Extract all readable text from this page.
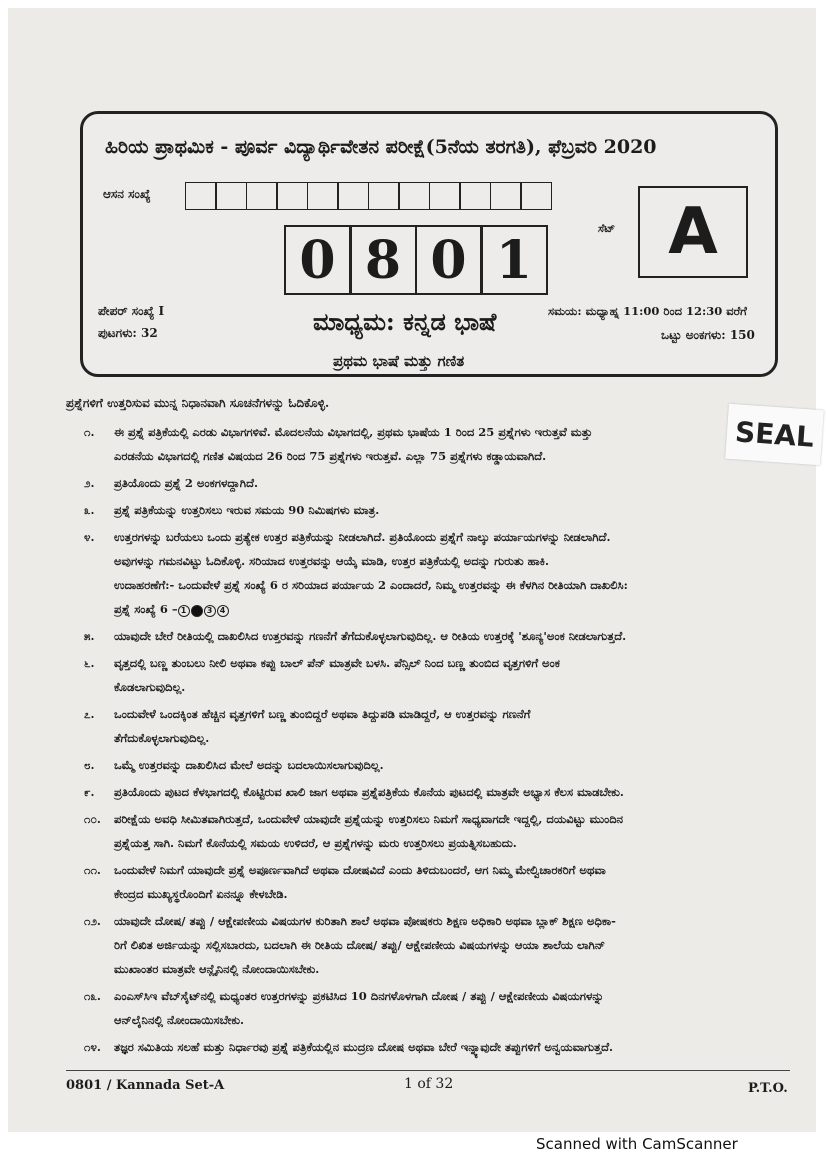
ಹಿರಿಯ ಪ್ರಾಥಮಿಕ - ಪೂರ್ವ ವಿದ್ಯಾರ್ಥಿವೇತನ ಪರೀಕ್ಷೆ(5ನೆಯ ತರಗತಿ), ಫೆಬ್ರವರಿ 2020
ಆಸನ ಸಂಖ್ಯೆ
ಸೆಟ್ A
0 8 0 1
ಪೇಪರ್ ಸಂಖ್ಯೆ I
ಪುಟಗಳು: 32	ಮಾಧ್ಯಮ: ಕನ್ನಡ ಭಾಷೆ
ಪ್ರಥಮ ಭಾಷೆ ಮತ್ತು ಗಣಿತ
ಸಮಯ: ಮಧ್ಯಾಹ್ನ 11:00 ರಿಂದ 12:30 ವರೆಗೆ
ಒಟ್ಟು ಅಂಕಗಳು: 150
ಪ್ರಶ್ನೆಗಳಿಗೆ ಉತ್ತರಿಸುವ ಮುನ್ನ ನಿಧಾನವಾಗಿ ಸೂಚನೆಗಳನ್ನು ಓದಿಕೊಳ್ಳಿ.
೧.	ಈ ಪ್ರಶ್ನೆ ಪತ್ರಿಕೆಯಲ್ಲಿ ಎರಡು ವಿಭಾಗಗಳಿವೆ. ಮೊದಲನೆಯ ವಿಭಾಗದಲ್ಲಿ, ಪ್ರಥಮ ಭಾಷೆಯ 1 ರಿಂದ 25 ಪ್ರಶ್ನೆಗಳು ಇರುತ್ತವೆ ಮತ್ತು
ಎರಡನೆಯ ವಿಭಾಗದಲ್ಲಿ ಗಣಿತ ವಿಷಯದ 26 ರಿಂದ 75 ಪ್ರಶ್ನೆಗಳು ಇರುತ್ತವೆ. ಎಲ್ಲಾ 75 ಪ್ರಶ್ನೆಗಳು ಕಡ್ಡಾಯವಾಗಿದೆ.
೨.	ಪ್ರತಿಯೊಂದು ಪ್ರಶ್ನೆ 2 ಅಂಕಗಳದ್ದಾಗಿದೆ.
೩.	ಪ್ರಶ್ನೆ ಪತ್ರಿಕೆಯನ್ನು ಉತ್ತರಿಸಲು ಇರುವ ಸಮಯ 90 ನಿಮಿಷಗಳು ಮಾತ್ರ.
೪.	ಉತ್ತರಗಳನ್ನು ಬರೆಯಲು ಒಂದು ಪ್ರತ್ಯೇಕ ಉತ್ತರ ಪತ್ರಿಕೆಯನ್ನು ನೀಡಲಾಗಿದೆ. ಪ್ರತಿಯೊಂದು ಪ್ರಶ್ನೆಗೆ ನಾಲ್ಕು ಪರ್ಯಾಯಗಳನ್ನು ನೀಡಲಾಗಿದೆ.
ಅವುಗಳನ್ನು ಗಮನವಿಟ್ಟು ಓದಿಕೊಳ್ಳಿ. ಸರಿಯಾದ ಉತ್ತರವನ್ನು ಆಯ್ಕೆ ಮಾಡಿ, ಉತ್ತರ ಪತ್ರಿಕೆಯಲ್ಲಿ ಅದನ್ನು ಗುರುತು ಹಾಕಿ.
ಉದಾಹರಣೆಗೆ:- ಒಂದುವೇಳೆ ಪ್ರಶ್ನೆ ಸಂಖ್ಯೆ 6 ರ ಸರಿಯಾದ ಪರ್ಯಾಯ 2 ಎಂದಾದರೆ, ನಿಮ್ಮ ಉತ್ತರವನ್ನು ಈ ಕೆಳಗಿನ ರೀತಿಯಾಗಿ ದಾಖಲಿಸಿ:
ಪ್ರಶ್ನೆ ಸಂಖ್ಯೆ 6 – 1 2 3 4
೫.	ಯಾವುದೇ ಬೇರೆ ರೀತಿಯಲ್ಲಿ ದಾಖಲಿಸಿದ ಉತ್ತರವನ್ನು ಗಣನೆಗೆ ತೆಗೆದುಕೊಳ್ಳಲಾಗುವುದಿಲ್ಲ. ಆ ರೀತಿಯ ಉತ್ತರಕ್ಕೆ 'ಶೂನ್ಯ'ಅಂಕ ನೀಡಲಾಗುತ್ತದೆ.
೬.	ವೃತ್ತದಲ್ಲಿ ಬಣ್ಣ ತುಂಬಲು ನೀಲಿ ಅಥವಾ ಕಪ್ಪು ಬಾಲ್ ಪೆನ್ ಮಾತ್ರವೇ ಬಳಸಿ. ಪೆನ್ಸಿಲ್ ನಿಂದ ಬಣ್ಣ ತುಂಬಿದ ವೃತ್ತಗಳಿಗೆ ಅಂಕ
ಕೊಡಲಾಗುವುದಿಲ್ಲ.
೭.	ಒಂದುವೇಳೆ ಒಂದಕ್ಕಿಂತ ಹೆಚ್ಚಿನ ವೃತ್ತಗಳಿಗೆ ಬಣ್ಣ ತುಂಬಿದ್ದರೆ ಅಥವಾ ತಿದ್ದುಪಡಿ ಮಾಡಿದ್ದರೆ, ಆ ಉತ್ತರವನ್ನು ಗಣನೆಗೆ
ತೆಗೆದುಕೊಳ್ಳಲಾಗುವುದಿಲ್ಲ.
೮.	ಒಮ್ಮೆ ಉತ್ತರವನ್ನು ದಾಖಲಿಸಿದ ಮೇಲೆ ಅದನ್ನು ಬದಲಾಯಿಸಲಾಗುವುದಿಲ್ಲ.
೯.	ಪ್ರತಿಯೊಂದು ಪುಟದ ಕೆಳಭಾಗದಲ್ಲಿ ಕೊಟ್ಟಿರುವ ಖಾಲಿ ಜಾಗ ಅಥವಾ ಪ್ರಶ್ನೆಪತ್ರಿಕೆಯ ಕೊನೆಯ ಪುಟದಲ್ಲಿ ಮಾತ್ರವೇ ಅಭ್ಯಾಸ ಕೆಲಸ ಮಾಡಬೇಕು.
೧೦.	ಪರೀಕ್ಷೆಯ ಅವಧಿ ಸೀಮಿತವಾಗಿರುತ್ತದೆ, ಒಂದುವೇಳೆ ಯಾವುದೇ ಪ್ರಶ್ನೆಯನ್ನು ಉತ್ತರಿಸಲು ನಿಮಗೆ ಸಾಧ್ಯವಾಗದೇ ಇದ್ದಲ್ಲಿ, ದಯವಿಟ್ಟು ಮುಂದಿನ
ಪ್ರಶ್ನೆಯತ್ತ ಸಾಗಿ. ನಿಮಗೆ ಕೊನೆಯಲ್ಲಿ ಸಮಯ ಉಳಿದರೆ, ಆ ಪ್ರಶ್ನೆಗಳನ್ನು ಮರು ಉತ್ತರಿಸಲು ಪ್ರಯತ್ನಿಸಬಹುದು.
೧೧.	ಒಂದುವೇಳೆ ನಿಮಗೆ ಯಾವುದೇ ಪ್ರಶ್ನೆ ಅಪೂರ್ಣವಾಗಿದೆ ಅಥವಾ ದೋಷವಿದೆ ಎಂದು ತಿಳಿದುಬಂದರೆ, ಆಗ ನಿಮ್ಮ ಮೇಲ್ವಿಚಾರಕರಿಗೆ ಅಥವಾ
ಕೇಂದ್ರದ ಮುಖ್ಯಸ್ಥರೊಂದಿಗೆ ಏನನ್ನೂ ಕೇಳಬೇಡಿ.
೧೨.	ಯಾವುದೇ ದೋಷ/ ತಪ್ಪು / ಆಕ್ಷೇಪಣೀಯ ವಿಷಯಗಳ ಕುರಿತಾಗಿ ಶಾಲೆ ಅಥವಾ ಪೋಷಕರು ಶಿಕ್ಷಣ ಅಧಿಕಾರಿ ಅಥವಾ ಬ್ಲಾಕ್ ಶಿಕ್ಷಣ ಅಧಿಕಾ-
ರಿಗೆ ಲಿಖಿತ ಅರ್ಜಿಯನ್ನು ಸಲ್ಲಿಸಬಾರದು, ಬದಲಾಗಿ ಈ ರೀತಿಯ ದೋಷ/ ತಪ್ಪು/ ಆಕ್ಷೇಪಣೀಯ ವಿಷಯಗಳನ್ನು ಆಯಾ ಶಾಲೆಯ ಲಾಗಿನ್
ಮುಖಾಂತರ ಮಾತ್ರವೇ ಆನ್ಲೈನಿನಲ್ಲಿ ನೋಂದಾಯಿಸಬೇಕು.
೧೩.	ಎಂಎಸ್‌ಸಿಇ ವೆಬ್‌ಸೈಟ್‌ನಲ್ಲಿ ಮಧ್ಯಂತರ ಉತ್ತರಗಳನ್ನು ಪ್ರಕಟಿಸಿದ 10 ದಿನಗಳೊಳಗಾಗಿ ದೋಷ / ತಪ್ಪು / ಆಕ್ಷೇಪಣೀಯ ವಿಷಯಗಳನ್ನು
ಆನ್‌ಲೈನಿನಲ್ಲಿ ನೋಂದಾಯಿಸಬೇಕು.
೧೪.	ತಜ್ಞರ ಸಮಿತಿಯ ಸಲಹೆ ಮತ್ತು ನಿರ್ಧಾರವು ಪ್ರಶ್ನೆ ಪತ್ರಿಕೆಯಲ್ಲಿನ ಮುದ್ರಣ ದೋಷ ಅಥವಾ ಬೇರೆ ಇನ್ನ್ಯಾವುದೇ ತಪ್ಪುಗಳಿಗೆ ಅನ್ವಯವಾಗುತ್ತದೆ.
0801 / Kannada Set-A	1 of 32	P.T.O.
SEAL
Scanned with CamScanner
